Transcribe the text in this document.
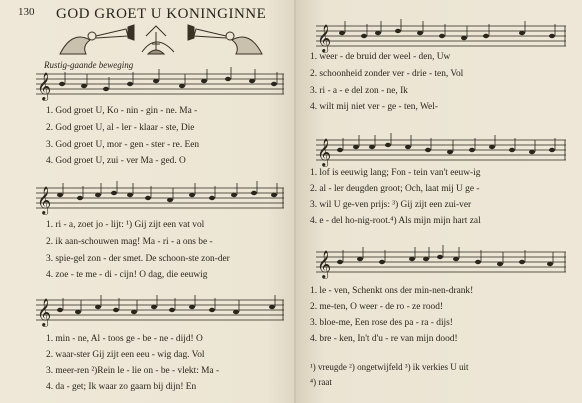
130 GOD GROET U KONINGINNE
Rustig-gaande beweging
𝄞
1. God groet U, Ko - nin - gin - ne. Ma -
2. God groet U, al - ler - klaar - ste, Die
3. God groet U, mor - gen - ster - re. Een
4. God groet U, zui - ver Ma - ged. O
𝄞
1. ri - a, zoet jo - lijt: ¹) Gij zijt een vat vol
2. ik aan-schouwen mag! Ma - ri - a ons be -
3. spie-gel zon - der smet. De schoon-ste zon-der
4. zoe - te me - di - cijn! O dag, die eeuwig
𝄞
1. min - ne, Al - toos ge - be - ne - dijd! O
2. waar-ster Gij zijt een eeu - wig dag. Vol
3. meer-ren ²)Rein le - lie on - be - vlekt: Ma -
4. da - get; Ik waar zo gaarn bij dijn! En
𝄞
1. weer - de bruid der weel - den, Uw
2. schoonheid zonder ver - drie - ten, Vol
3. ri - a - e del zon - ne, Ik
4. wilt mij niet ver - ge - ten, Wel-
𝄞
1. lof is eeuwig lang; Fon - tein van't eeuw-ig
2. al - ler deugden groot; Och, laat mij U ge -
3. wil U ge-ven prijs: ³) Gij zijt een zui-ver
4. e - del ho-nig-root.⁴) Als mijn mijn hart zal
𝄞
1. le - ven, Schenkt ons der min-nen-drank!
2. me-ten, O weer - de ro - ze rood!
3. bloe-me, Een rose des pa - ra - dijs!
4. bre - ken, In't d'u - re van mijn dood!
¹) vreugde ²) ongetwijfeld ³) ik verkies U uit
⁴) raat
